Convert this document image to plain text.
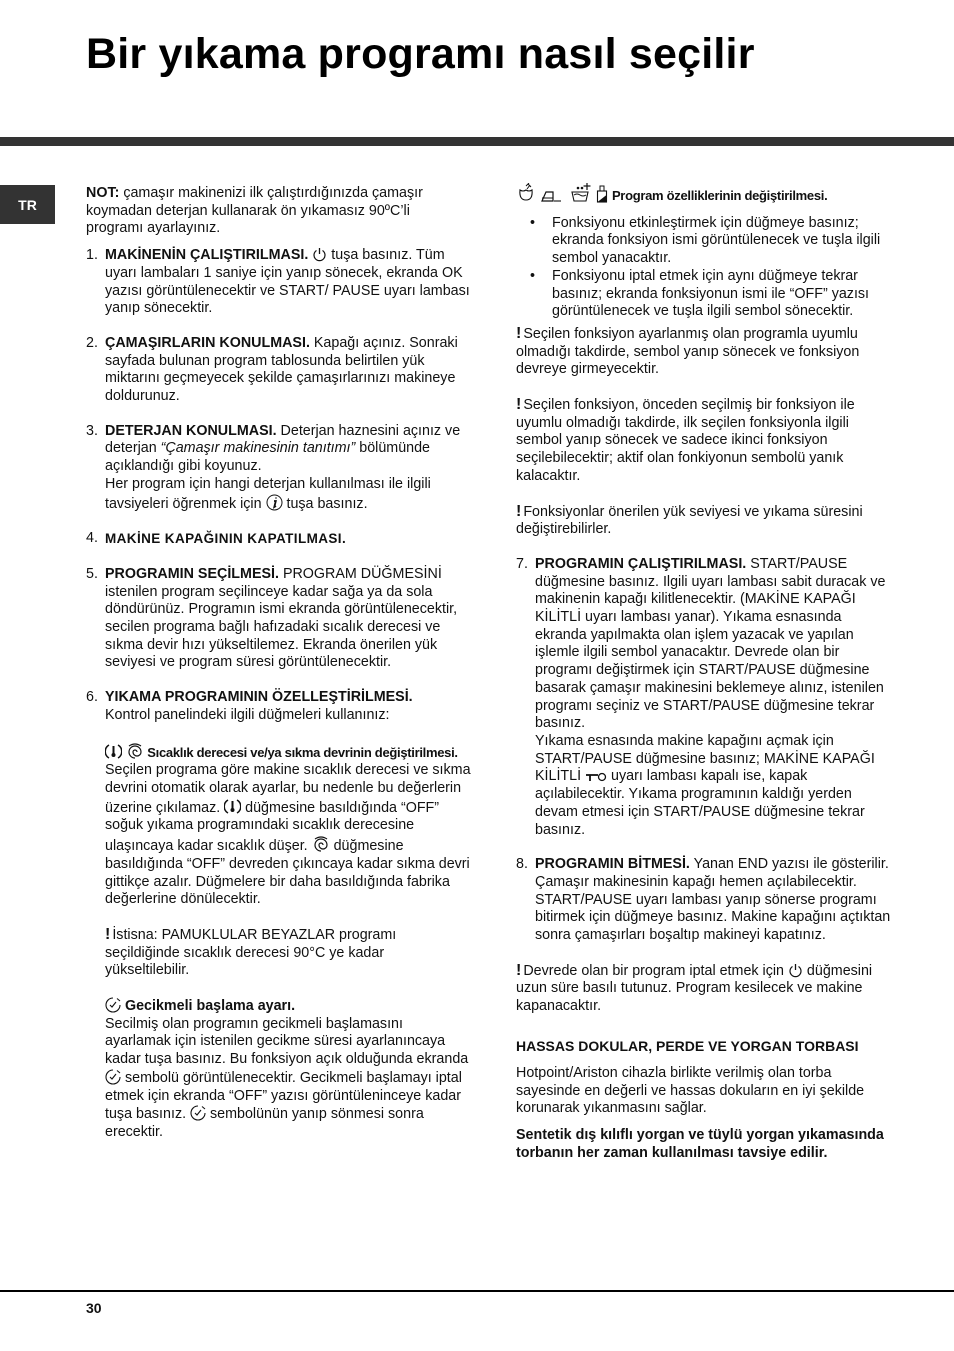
Bir yıkama programı nasıl seçilir
TR

NOT: çamaşır makinenizi ilk çalıştırdığınızda çamaşır koymadan deterjan kullanarak ön yıkamasız 90ºC’li programı ayarlayınız.

1. MAKİNENİN ÇALIŞTIRILMASI.  tuşa basınız. Tüm uyarı lambaları 1 saniye için yanıp sönecek, ekranda OK yazısı görüntülenecektir ve START/ PAUSE uyarı lambası yanıp sönecektir.
2. ÇAMAŞIRLARIN KONULMASI. Kapağı açınız. Sonraki sayfada bulunan program tablosunda belirtilen yük miktarını geçmeyecek şekilde çamaşırlarınızı makineye doldurunuz.
3. DETERJAN KONULMASI. Deterjan haznesini açınız ve deterjan “Çamaşır makinesinin tanıtımı” bölümünde açıklandığı gibi koyunuz.
Her program için hangi deterjan kullanılması ile ilgili tavsiyeleri öğrenmek için  tuşa basınız.
4. MAKİNE KAPAĞININ KAPATILMASI.
5. PROGRAMIN SEÇİLMESİ. PROGRAM DÜĞMESİNİ istenilen program seçilinceye kadar sağa ya da sola döndürünüz. Programın ismi ekranda görüntülenecektir, secilen programa bağlı hafızadaki sıcalık derecesi ve sıkma devir hızı yükseltilemez. Ekranda önerilen yük seviyesi ve program süresi görüntülenecektir.
6. YIKAMA PROGRAMININ ÖZELLEŞTİRİLMESİ.
Kontrol panelindeki ilgili düğmeleri kullanınız:
Sıcaklık derecesi ve/ya sıkma devrinin değiştirilmesi. Seçilen programa göre makine sıcaklık derecesi ve sıkma devrini otomatik olarak ayarlar, bu nedenle bu değerlerin üzerine çıkılamaz.  düğmesine basıldığında “OFF” soğuk yıkama programındaki sıcaklık derecesine ulaşıncaya kadar sıcaklık düşer.  düğmesine basıldığında “OFF” devreden çıkıncaya kadar sıkma devri gittikçe azalır. Düğmelere bir daha basıldığında fabrika değerlerine dönülecektir.
! İstisna: PAMUKLULAR BEYAZLAR programı seçildiğinde sıcaklık derecesi 90°C ye kadar yükseltilebilir.
Gecikmeli başlama ayarı.
Secilmiş olan programın gecikmeli başlamasını ayarlamak için istenilen gecikme süresi ayarlanıncaya kadar tuşa basınız. Bu fonksiyon açık olduğunda ekranda  sembolü görüntülenecektir. Gecikmeli başlamayı iptal etmek için ekranda “OFF” yazısı görüntüleninceye kadar tuşa basınız.  sembolünün yanıp sönmesi sonra erecektir.

Program özelliklerinin değiştirilmesi.

• Fonksiyonu etkinleştirmek için düğmeye basınız; ekranda fonksiyon ismi görüntülenecek ve tuşla ilgili sembol yanacaktır.
• Fonksiyonu iptal etmek için aynı düğmeye tekrar basınız; ekranda fonksiyonun ismi ile “OFF” yazısı görüntülenecek ve tuşla ilgili sembol sönecektir.

! Seçilen fonksiyon ayarlanmış olan programla uyumlu olmadığı takdirde, sembol yanıp sönecek ve fonksiyon devreye girmeyecektir.

! Seçilen fonksiyon, önceden seçilmiş bir fonksiyon ile uyumlu olmadığı takdirde, ilk seçilen fonksiyonla ilgili sembol yanıp sönecek ve sadece ikinci fonksiyon seçilebilecektir; aktif olan fonkiyonun sembolü yanık kalacaktır.

! Fonksiyonlar önerilen yük seviyesi ve yıkama süresini değiştirebilirler.

7. PROGRAMIN ÇALIŞTIRILMASI. START/PAUSE düğmesine basınız. Ilgili uyarı lambası sabit duracak ve makinenin kapağı kilitlenecektir. (MAKİNE KAPAĞI KİLİTLİ uyarı lambası yanar). Yıkama esnasında ekranda yapılmakta olan işlem yazacak ve yapılan işlemle ilgili sembol yanacaktır. Devrede olan bir programı değiştirmek için START/PAUSE düğmesine basarak çamaşır makinesini beklemeye alınız, istenilen programı seçiniz ve START/PAUSE düğmesine tekrar basınız.
Yıkama esnasında makine kapağını açmak için START/PAUSE düğmesine basınız; MAKİNE KAPAĞI KİLİTLİ  uyarı lambası kapalı ise, kapak açılabilecektir. Yıkama programının kaldığı yerden devam etmesi için START/PAUSE düğmesine tekrar basınız.
8. PROGRAMIN BİTMESİ. Yanan END yazısı ile gösterilir. Çamaşır makinesinin kapağı hemen açılabilecektir. START/PAUSE uyarı lambası yanıp sönerse programı bitirmek için düğmeye basınız. Makine kapağını açtıktan sonra çamaşırları boşaltıp makineyi kapatınız.

! Devrede olan bir program iptal etmek için  düğmesini uzun süre basılı tutunuz. Program kesilecek ve makine kapanacaktır.

HASSAS DOKULAR, PERDE VE YORGAN TORBASI

Hotpoint/Ariston cihazla birlikte verilmiş olan torba sayesinde en değerli ve hassas dokuların en iyi şekilde korunarak yıkanmasını sağlar.

Sentetik dış kılıflı yorgan ve tüylü yorgan yıkamasında torbanın her zaman kullanılması tavsiye edilir.

30
